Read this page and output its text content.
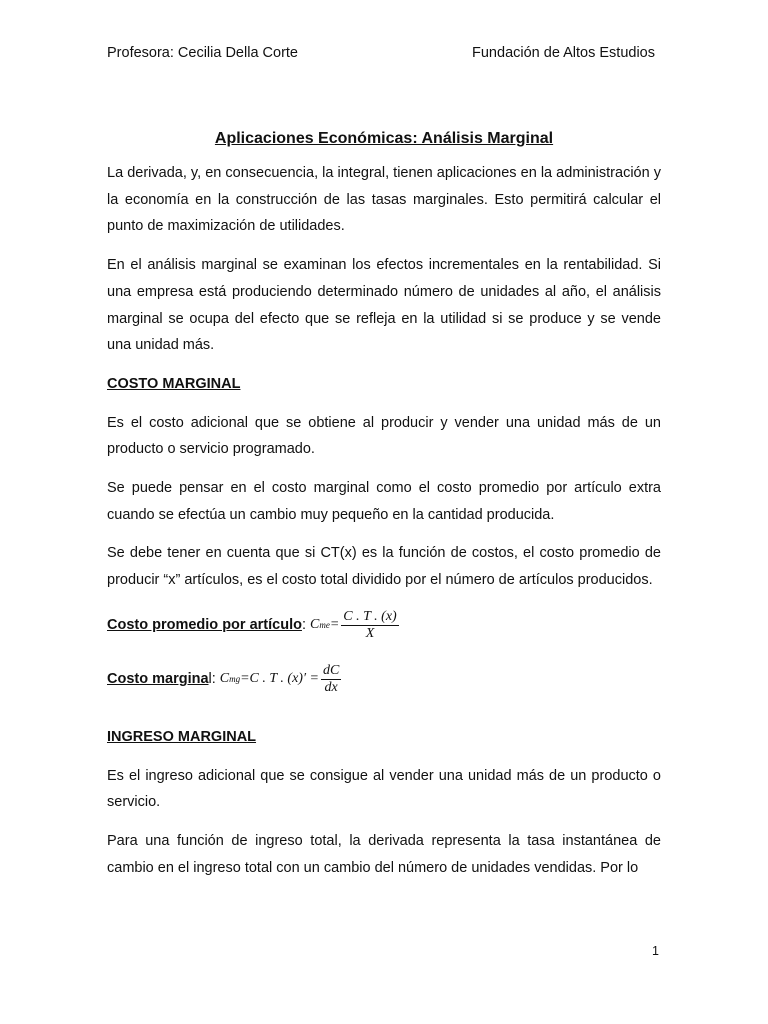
Profesora: Cecilia Della Corte	Fundación de Altos Estudios
Aplicaciones Económicas: Análisis Marginal

La derivada, y, en consecuencia, la integral, tienen aplicaciones en la administración y la economía en la construcción de las tasas marginales. Esto permitirá calcular el punto de maximización de utilidades.

En el análisis marginal se examinan los efectos incrementales en la rentabilidad. Si una empresa está produciendo determinado número de unidades al año, el análisis marginal se ocupa del efecto que se refleja en la utilidad si se produce y se vende una unidad más.

COSTO MARGINAL

Es el costo adicional que se obtiene al producir y vender una unidad más de un producto o servicio programado.

Se puede pensar en el costo marginal como el costo promedio por artículo extra cuando se efectúa un cambio muy pequeño en la cantidad producida.

Se debe tener en cuenta que si CT(x) es la función de costos, el costo promedio de producir “x” artículos, es el costo total dividido por el número de artículos producidos.

Costo promedio por artículo : C me = $\frac{C . T . (x)}{X}$
Costo margina l: C mg =C . T . $(x)' = \frac{dC}{dx}$
INGRESO MARGINAL

Es el ingreso adicional que se consigue al vender una unidad más de un producto o servicio.

Para una función de ingreso total, la derivada representa la tasa instantánea de cambio en el ingreso total con un cambio del número de unidades vendidas. Por lo

1
